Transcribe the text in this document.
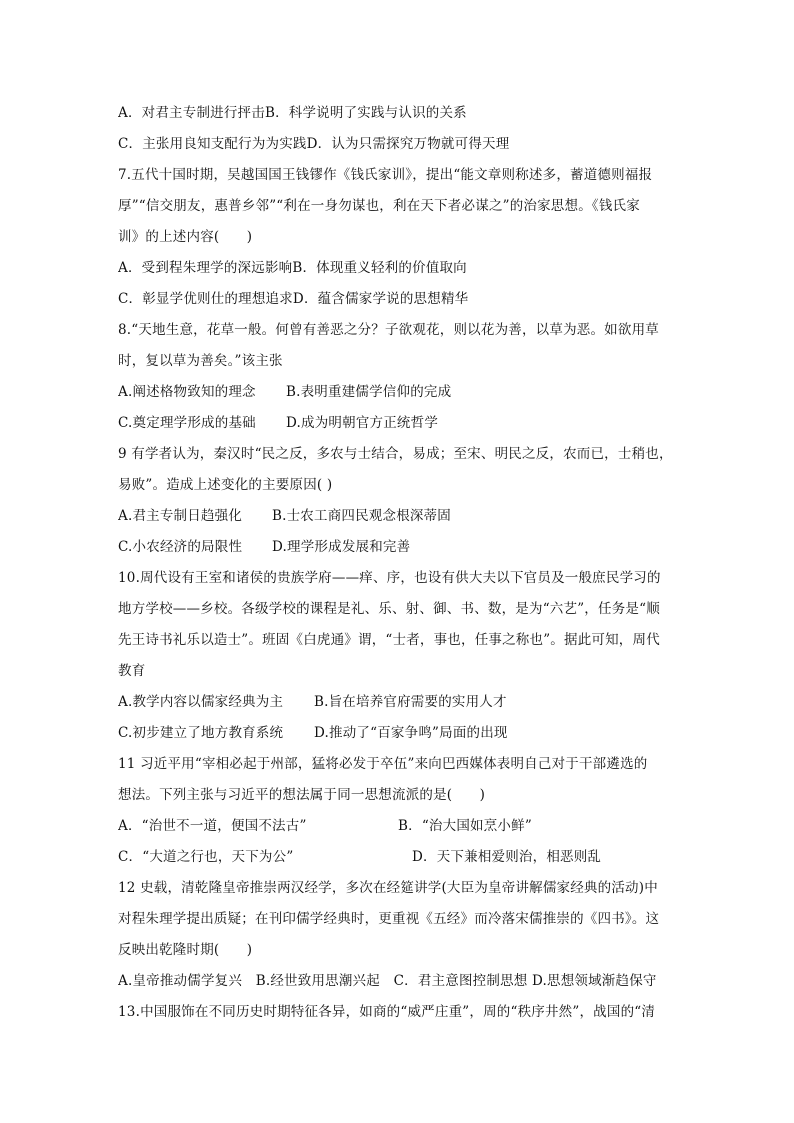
A．对君主专制进行抨击B．科学说明了实践与认识的关系
C．主张用良知支配行为为实践D．认为只需探究万物就可得天理
7.五代十国时期，吴越国国王钱镠作《钱氏家训》，提出“能文章则称述多，蓄道德则福报
厚”“信交朋友，惠普乡邻”“利在一身勿谋也，利在天下者必谋之”的治家思想。《钱氏家
训》的上述内容(　　)
A．受到程朱理学的深远影响B．体现重义轻利的价值取向
C．彰显学优则仕的理想追求D．蕴含儒家学说的思想精华
8.“天地生意，花草一般。何曾有善恶之分？子欲观花，则以花为善，以草为恶。如欲用草
时，复以草为善矣。”该主张
A.阐述格物致知的理念 B.表明重建儒学信仰的完成
C.奠定理学形成的基础 D.成为明朝官方正统哲学
9 有学者认为，秦汉时“民之反，多农与士结合，易成；至宋、明民之反，农而已，士稍也，
易败”。造成上述变化的主要原因( )
A.君主专制日趋强化 B.士农工商四民观念根深蒂固
C.小农经济的局限性 D.理学形成发展和完善
10.周代设有王室和诸侯的贵族学府——痒、序，也设有供大夫以下官员及一般庶民学习的
地方学校——乡校。各级学校的课程是礼、乐、射、御、书、数，是为“六艺”，任务是“顺
先王诗书礼乐以造士”。班固《白虎通》谓，“士者，事也，任事之称也”。据此可知，周代
教育
A.教学内容以儒家经典为主 B.旨在培养官府需要的实用人才
C.初步建立了地方教育系统 D.推动了“百家争鸣”局面的出现
11 习近平用“宰相必起于州部，猛将必发于卒伍”来向巴西媒体表明自己对于干部遴选的
想法。下列主张与习近平的想法属于同一思想流派的是(　　)
A．“治世不一道，便国不法古”	B．“治大国如烹小鲜”
C．“大道之行也，天下为公”	D．天下兼相爱则治，相恶则乱
12 史载，清乾隆皇帝推崇两汉经学，多次在经筵讲学(大臣为皇帝讲解儒家经典的活动)中
对程朱理学提出质疑；在刊印儒学经典时，更重视《五经》而冷落宋儒推崇的《四书》。这
反映出乾隆时期(　　)
A.皇帝推动儒学复兴　B.经世致用思潮兴起　C．君主意图控制思想 D.思想领域渐趋保守
13.中国服饰在不同历史时期特征各异，如商的“威严庄重”，周的“秩序井然”，战国的“清
